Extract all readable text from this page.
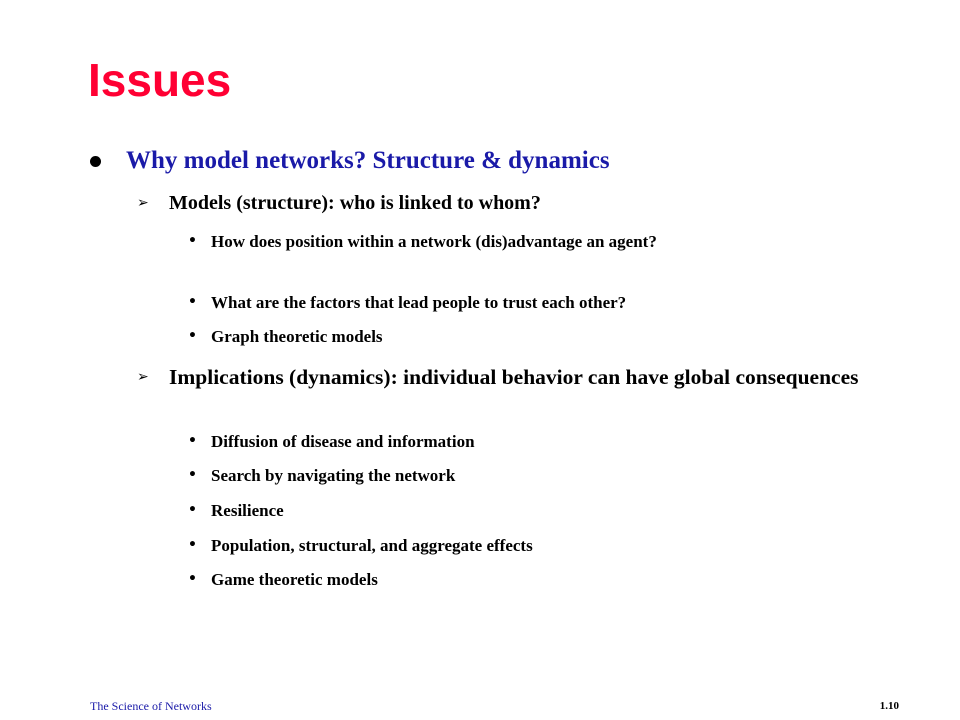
Issues
Why model networks? Structure & dynamics
➢ Models (structure): who is linked to whom?
• How does position within a network (dis)advantage an agent?
• What are the factors that lead people to trust each other?
• Graph theoretic models
➢ Implications (dynamics): individual behavior can have global consequences
• Diffusion of disease and information
• Search by navigating the network
• Resilience
• Population, structural, and aggregate effects
• Game theoretic models
The Science of Networks	1.10
